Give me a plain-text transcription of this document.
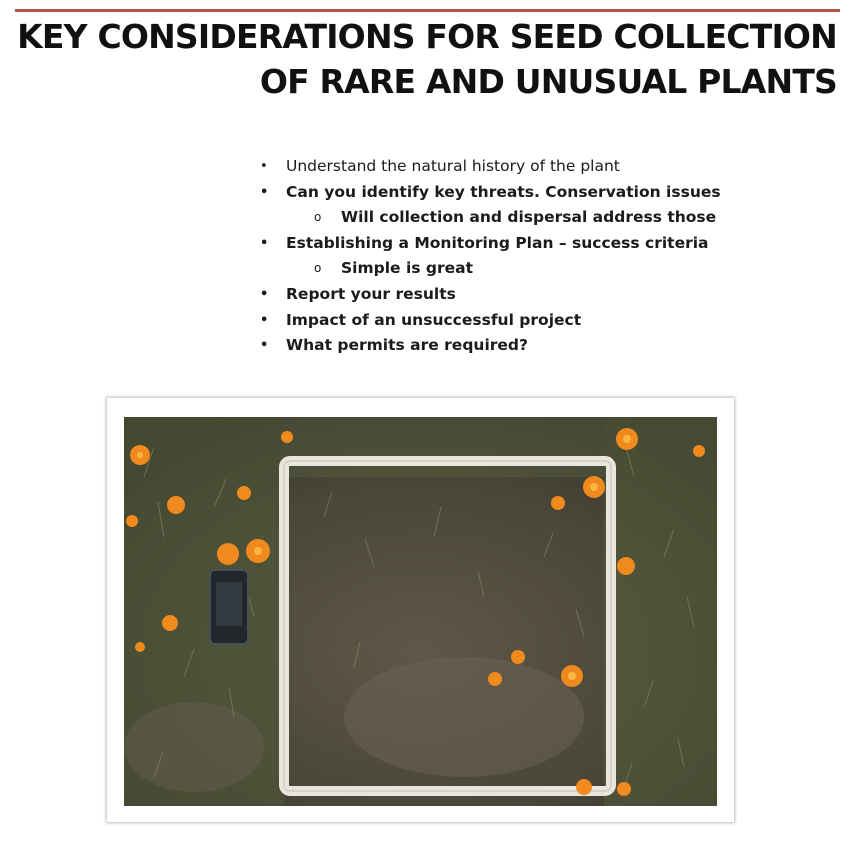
KEY CONSIDERATIONS FOR SEED COLLECTION
OF RARE AND UNUSUAL PLANTS
• Understand the natural history of the plant
• Can you identify key threats. Conservation issues
o Will collection and dispersal address those
• Establishing a Monitoring Plan – success criteria
o Simple is great
• Report your results
• Impact of an unsuccessful project
• What permits are required?
